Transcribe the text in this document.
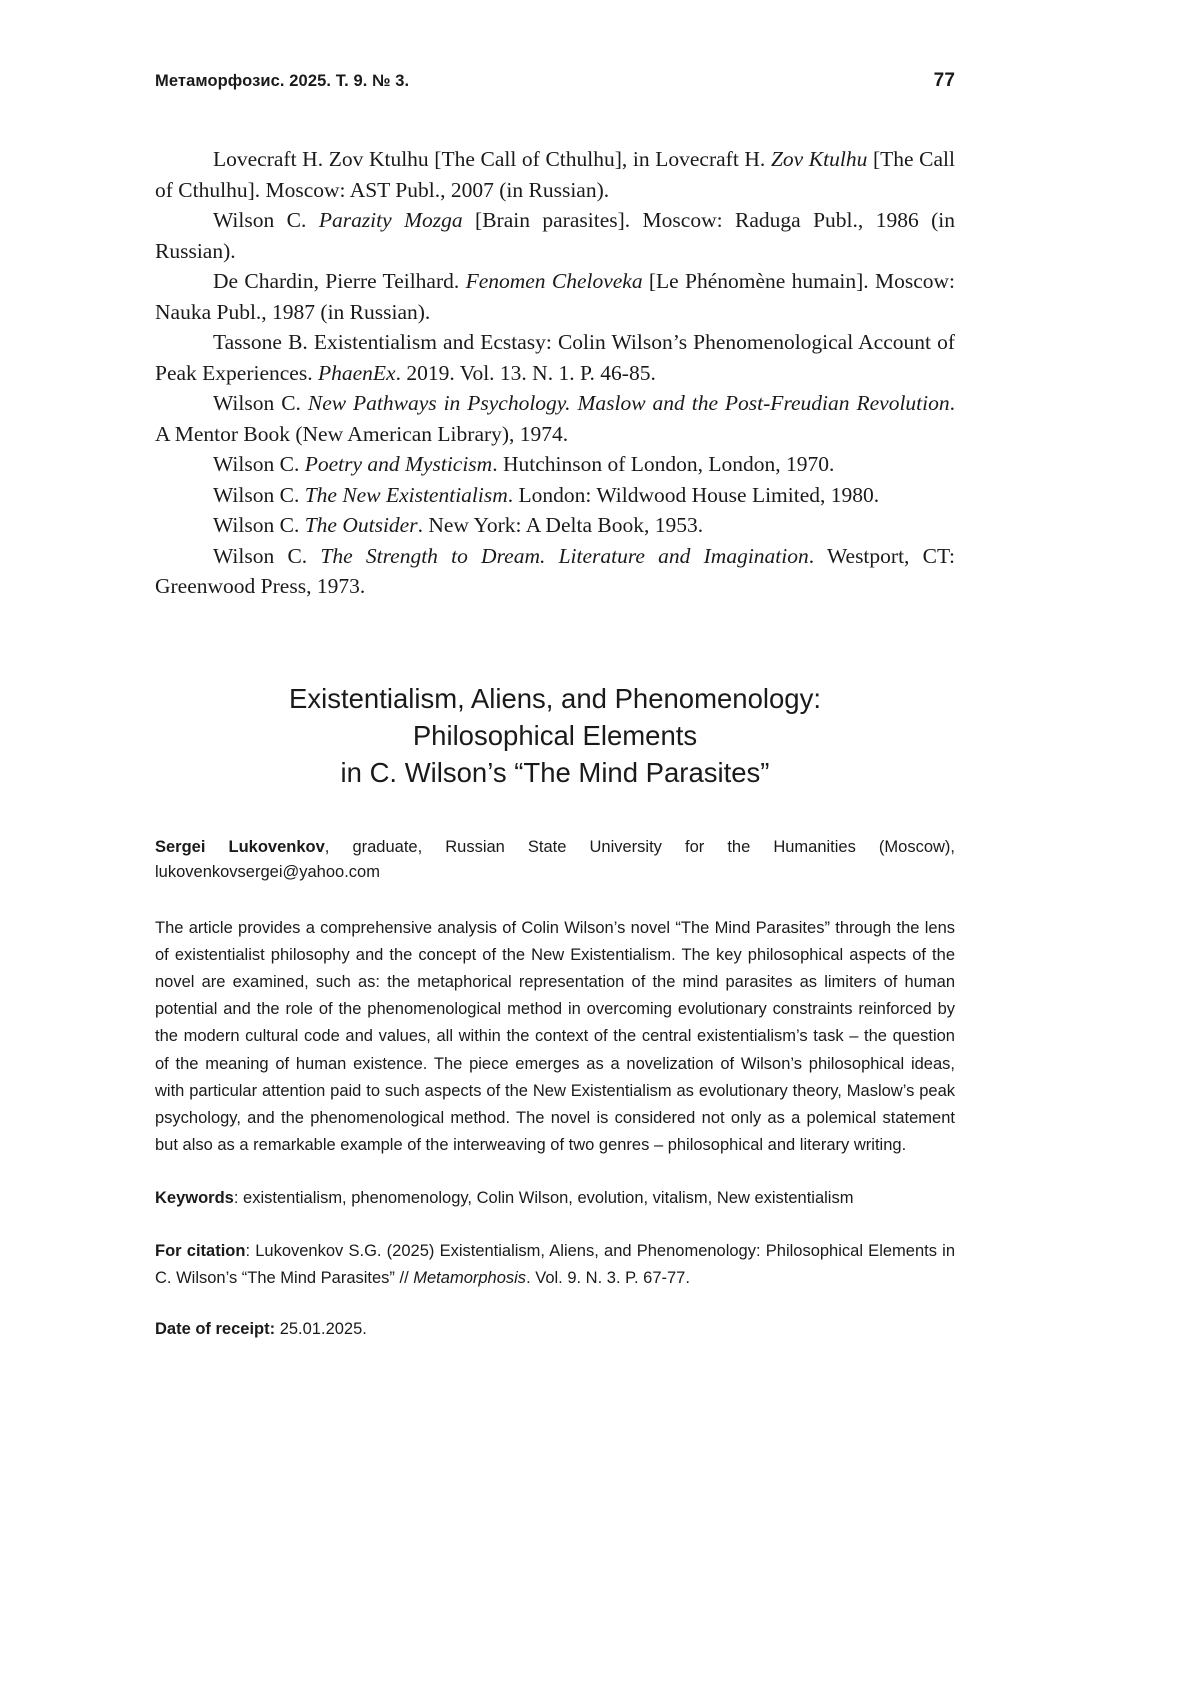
Метаморфозис. 2025. Т. 9. № 3.	77

Lovecraft H. Zov Ktulhu [The Call of Cthulhu], in Lovecraft H. Zov Ktulhu [The Call of Cthulhu]. Moscow: AST Publ., 2007 (in Russian).

Wilson C. Parazity Mozga [Brain parasites]. Moscow: Raduga Publ., 1986 (in Russian).

De Chardin, Pierre Teilhard. Fenomen Cheloveka [Le Phénomène humain]. Moscow: Nauka Publ., 1987 (in Russian).

Tassone B. Existentialism and Ecstasy: Colin Wilson’s Phenomenological Account of Peak Experiences. PhaenEx. 2019. Vol. 13. N. 1. P. 46-85.

Wilson C. New Pathways in Psychology. Maslow and the Post-Freudian Revolution. A Mentor Book (New American Library), 1974.

Wilson C. Poetry and Mysticism. Hutchinson of London, London, 1970.

Wilson C. The New Existentialism. London: Wildwood House Limited, 1980.

Wilson C. The Outsider. New York: A Delta Book, 1953.

Wilson C. The Strength to Dream. Literature and Imagination. Westport, CT: Greenwood Press, 1973.

Existentialism, Aliens, and Phenomenology:
Philosophical Elements
in C. Wilson’s “The Mind Parasites”
Sergei Lukovenkov, graduate, Russian State University for the Humanities (Moscow), lukovenkovsergei@yahoo.com
The article provides a comprehensive analysis of Colin Wilson’s novel “The Mind Parasites” through the lens of existentialist philosophy and the concept of the New Existentialism. The key philosophical aspects of the novel are examined, such as: the metaphorical representation of the mind parasites as limiters of human potential and the role of the phenomenological method in overcoming evolutionary constraints reinforced by the modern cultural code and values, all within the context of the central existentialism’s task – the question of the meaning of human existence. The piece emerges as a novelization of Wilson’s philosophical ideas, with particular attention paid to such aspects of the New Existentialism as evolutionary theory, Maslow’s peak psychology, and the phenomenological method. The novel is considered not only as a polemical statement but also as a remarkable example of the interweaving of two genres – philosophical and literary writing.
Keywords: existentialism, phenomenology, Colin Wilson, evolution, vitalism, New existentialism
For citation: Lukovenkov S.G. (2025) Existentialism, Aliens, and Phenomenology: Philosophical Elements in C. Wilson’s “The Mind Parasites” // Metamorphosis. Vol. 9. N. 3. P. 67-77.
Date of receipt: 25.01.2025.
